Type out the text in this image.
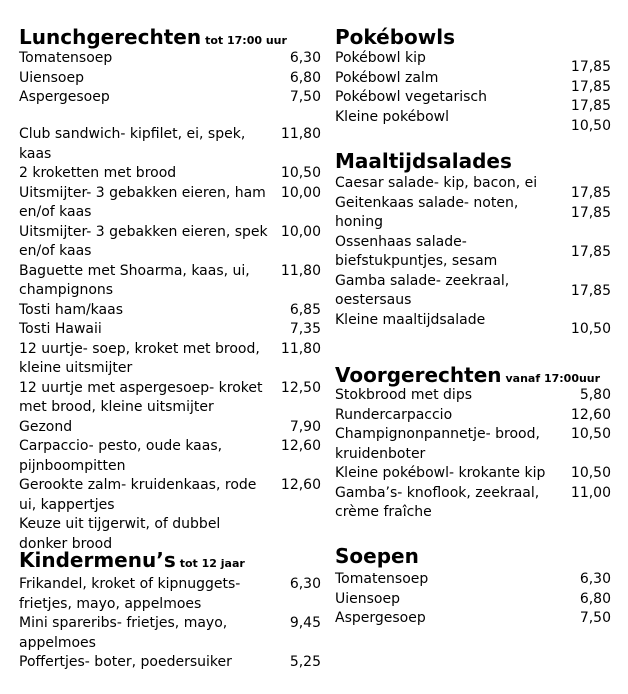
Lunchgerechten tot 17:00 uur
Tomatensoep	6,30
Uiensoep	6,80
Aspergesoep	7,50
Club sandwich- kipfilet, ei, spek, kaas
11,80
2 kroketten met brood	10,50
Uitsmijter- 3 gebakken eieren, ham en/of kaas
10,00
Uitsmijter- 3 gebakken eieren, spek en/of kaas
10,00
Baguette met Shoarma, kaas, ui, champignons
11,80
Tosti ham/kaas	6,85
Tosti Hawaii	7,35
12 uurtje- soep, kroket met brood, kleine uitsmijter
11,80
12 uurtje met aspergesoep- kroket met brood, kleine uitsmijter
12,50
Gezond	7,90
Carpaccio- pesto, oude kaas, pijnboompitten
12,60
Gerookte zalm- kruidenkaas, rode ui, kappertjes
12,60
Keuze uit tijgerwit, of dubbel donker brood
Kindermenu’s tot 12 jaar
Frikandel, kroket of kipnuggets- frietjes, mayo, appelmoes
6,30
Mini spareribs- frietjes, mayo, appelmoes
9,45
Poffertjes- boter, poedersuiker	5,25
Pokébowls
Pokébowl kip
17,85
Pokébowl zalm
17,85
Pokébowl vegetarisch
17,85
Kleine pokébowl
10,50
Maaltijdsalades
Caesar salade- kip, bacon, ei
17,85
Geitenkaas salade- noten, honing
17,85
Ossenhaas salade- biefstukpuntjes, sesam
17,85
Gamba salade- zeekraal, oestersaus
17,85
Kleine maaltijdsalade
10,50
Voorgerechten vanaf 17:00uur
Stokbrood met dips	5,80
Rundercarpaccio	12,60
Champignonpannetje- brood, kruidenboter
10,50
Kleine pokébowl- krokante kip	10,50
Gamba’s- knoflook, zeekraal, crème fraîche
11,00
Soepen
Tomatensoep	6,30
Uiensoep	6,80
Aspergesoep	7,50
